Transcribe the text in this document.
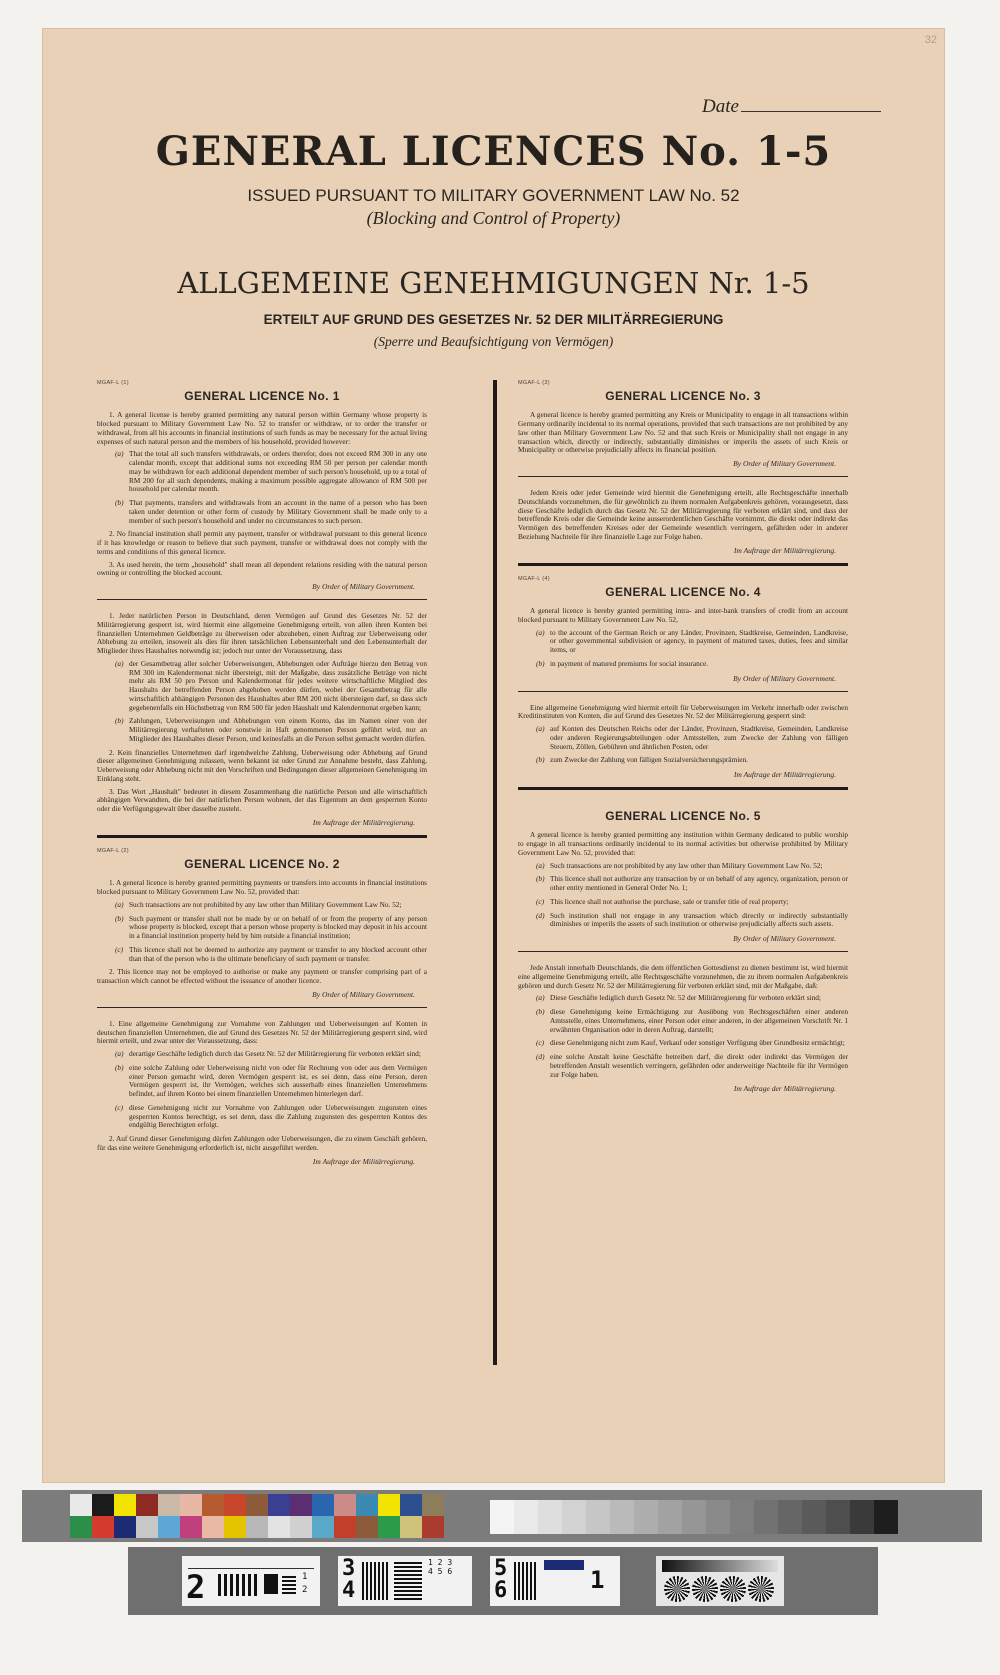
32
Date
GENERAL LICENCES No. 1-5
ISSUED PURSUANT TO MILITARY GOVERNMENT LAW No. 52
(Blocking and Control of Property)
ALLGEMEINE GENEHMIGUNGEN Nr. 1-5
ERTEILT AUF GRUND DES GESETZES Nr. 52 DER MILITÄRREGIERUNG
(Sperre und Beaufsichtigung von Vermögen)
MGAF-L (1)
GENERAL LICENCE No. 1

1. A general license is hereby granted permitting any natural person within Germany whose property is blocked pursuant to Military Government Law No. 52 to transfer or withdraw, or to order the transfer or withdrawal, from all his accounts in financial institutions of such funds as may be necessary for the actual living expenses of such natural person and the members of his household, provided however:

(a) That the total all such transfers withdrawals, or orders therefor, does not exceed RM 300 in any one calendar month, except that additional sums not exceeding RM 50 per person per calendar month may be withdrawn for each additional dependent member of such person's household, up to a total of RM 200 for all such dependents, making a maximum possible aggregate allowance of RM 500 per household per calendar month.
(b) That payments, transfers and withdrawals from an account in the name of a person who has been taken under detention or other form of custody by Military Government shall be made only to a member of such person's household and under no circumstances to such person.

2. No financial institution shall permit any payment, transfer or withdrawal pursuant to this general licence if it has knowledge or reason to believe that such payment, transfer or withdrawal does not comply with the terms and conditions of this general licence.

3. As used herein, the term „household" shall mean all dependent relations residing with the natural person owning or controlling the blocked account.

By Order of Military Government.

1. Jeder natürlichen Person in Deutschland, deren Vermögen auf Grund des Gesetzes Nr. 52 der Militärregierung gesperrt ist, wird hiermit eine allgemeine Genehmigung erteilt, von allen ihren Konten bei finanziellen Unternehmen Geldbeträge zu überweisen oder abzuheben, einen Auftrag zur Ueberweisung oder Abhebung zu erteilen, insoweit als dies für ihren tatsächlichen Lebensunterhalt und den Lebensunterhalt der Mitglieder ihres Haushaltes notwendig ist; jedoch nur unter der Voraussetzung, dass

(a) der Gesamtbetrag aller solcher Ueberweisungen, Abhebungen oder Aufträge hierzu den Betrag von RM 300 im Kalendermonat nicht übersteigt, mit der Maßgabe, dass zusätzliche Beträge von nicht mehr als RM 50 pro Person und Kalendermonat für jedes weitere wirtschaftliche Mitglied des Haushalts der betreffenden Person abgehoben werden dürfen, wobei der Gesamtbetrag für alle wirtschaftlich abhängigen Personen des Haushaltes aber RM 200 nicht übersteigen darf, so dass sich gegebenenfalls ein Höchstbetrag von RM 500 für jeden Haushalt und Kalendermonat ergeben kann;
(b) Zahlungen, Ueberweisungen und Abhebungen von einem Konto, das im Namen einer von der Militärregierung verhafteten oder sonstwie in Haft genommenen Person geführt wird, nur an Mitglieder des Haushaltes dieser Person, und keinesfalls an die Person selbst gemacht werden dürfen.

2. Kein finanzielles Unternehmen darf irgendwelche Zahlung, Ueberweisung oder Abhebung auf Grund dieser allgemeinen Genehmigung zulassen, wenn bekannt ist oder Grund zur Annahme besteht, dass Zahlung, Ueberweisung oder Abhebung nicht mit den Vorschriften und Bedingungen dieser allgemeinen Genehmigung im Einklang steht.

3. Das Wort „Haushalt" bedeutet in diesem Zusammenhang die natürliche Person und alle wirtschaftlich abhängigen Verwandten, die bei der natürlichen Person wohnen, der das Eigentum an dem gesperrten Konto oder die Verfügungsgewalt über dasselbe zusteht.

Im Auftrage der Militärregierung.
MGAF-L (2)
GENERAL LICENCE No. 2

1. A general licence is hereby granted permitting payments or transfers into accounts in financial institutions blocked pursuant to Military Government Law No. 52, provided that:

(a) Such transactions are not prohibited by any law other than Military Government Law No. 52;
(b) Such payment or transfer shall not be made by or on behalf of or from the property of any person whose property is blocked, except that a person whose property is blocked may deposit in his account in a financial institution property held by him outside a financial institution;
(c) This licence shall not be deemed to authorize any payment or transfer to any blocked account other than that of the person who is the ultimate beneficiary of such payment or transfer.

2. This licence may not be employed to authorise or make any payment or transfer comprising part of a transaction which cannot be effected without the issuance of another licence.

By Order of Military Government.

1. Eine allgemeine Genehmigung zur Vornahme von Zahlungen und Ueberweisungen auf Konten in deutschen finanziellen Unternehmen, die auf Grund des Gesetzes Nr. 52 der Militärregierung gesperrt sind, wird hiermit erteilt, und zwar unter der Voraussetzung, dass:

(a) derartige Geschäfte lediglich durch das Gesetz Nr. 52 der Militärregierung für verboten erklärt sind;
(b) eine solche Zahlung oder Ueberweisung nicht von oder für Rechnung von oder aus dem Vermögen einer Person gemacht wird, deren Vermögen gesperrt ist, es sei denn, dass eine Person, deren Vermögen gesperrt ist, ihr Vermögen, welches sich ausserhalb eines finanziellen Unternehmens befindet, auf ihrem Konto bei einem finanziellen Unternehmen hinterlegen darf.
(c) diese Genehmigung nicht zur Vornahme von Zahlungen oder Ueberweisungen zugunsten eines gesperrten Kontos berechtigt, es sei denn, dass die Zahlung zugunsten des gesperrten Kontos des endgültig Berechtigten erfolgt.

2. Auf Grund dieser Genehmigung dürfen Zahlungen oder Ueberweisungen, die zu einem Geschäft gehören, für das eine weitere Genehmigung erforderlich ist, nicht ausgeführt werden.

Im Auftrage der Militärregierung.
MGAF-L (3)
GENERAL LICENCE No. 3

A general licence is hereby granted permitting any Kreis or Municipality to engage in all transactions within Germany ordinarily incidental to its normal operations, provided that such transactions are not prohibited by any law other than Military Government Law No. 52 and that such Kreis or Municipality shall not engage in any transaction which, directly or indirectly, substantially diminishes or imperils the assets of such Kreis or Municipality or otherwise prejudicially affects its financial position.

By Order of Military Government.

Jedem Kreis oder jeder Gemeinde wird hiermit die Genehmigung erteilt, alle Rechtsgeschäfte innerhalb Deutschlands vorzunehmen, die für gewöhnlich zu ihrem normalen Aufgabenkreis gehören, vorausgesetzt, dass diese Geschäfte lediglich durch das Gesetz Nr. 52 der Militärregierung für verboten erklärt sind, und dass der betreffende Kreis oder die Gemeinde keine ausserordentlichen Geschäfte vornimmt, die direkt oder indirekt das Vermögen des betreffenden Kreises oder der Gemeinde wesentlich verringern, gefährden oder in anderer Beziehung Nachteile für ihre finanzielle Lage zur Folge haben.

Im Auftrage der Militärregierung.
MGAF-L (4)
GENERAL LICENCE No. 4

A general licence is hereby granted permitting intra- and inter-bank transfers of credit from an account blocked pursuant to Military Government Law No. 52,

(a) to the account of the German Reich or any Länder, Provinzen, Stadtkreise, Gemeinden, Landkreise, or other governmental subdivision or agency, in payment of matured taxes, duties, fees and similar items, or
(b) in payment of matured premiums for social insurance.
By Order of Military Government.

Eine allgemeine Genehmigung wird hiermit erteilt für Ueberweisungen im Verkehr innerhalb oder zwischen Kreditinstituten von Konten, die auf Grund des Gesetzes Nr. 52 der Militärregierung gesperrt sind:

(a) auf Konten des Deutschen Reichs oder der Länder, Provinzen, Stadtkreise, Gemeinden, Landkreise oder anderen Regierungsabteilungen oder Amtsstellen, zum Zwecke der Zahlung von fälligen Steuern, Zöllen, Gebühren und ähnlichen Posten, oder
(b) zum Zwecke der Zahlung von fälligen Sozialversicherungsprämien.
Im Auftrage der Militärregierung.
GENERAL LICENCE No. 5

A general licence is hereby granted permitting any institution within Germany dedicated to public worship to engage in all transactions ordinarily incidental to its normal activities but otherwise prohibited by Military Government Law No. 52, provided that:

(a) Such transactions are not prohibited by any law other than Military Government Law No. 52;
(b) This licence shall not authorize any transaction by or on behalf of any agency, organization, person or other entity mentioned in General Order No. 1;
(c) This licence shall not authorise the purchase, sale or transfer title of real property;
(d) Such institution shall not engage in any transaction which directly or indirectly substantially diminishes or imperils the assets of such institution or otherwise prejudicially affects such assets.
By Order of Military Government.

Jede Anstalt innerhalb Deutschlands, die dem öffentlichen Gottesdienst zu dienen bestimmt ist, wird hiermit eine allgemeine Genehmigung erteilt, alle Rechtsgeschäfte vorzunehmen, die zu ihrem normalen Aufgabenkreis gehören und durch Gesetz Nr. 52 der Militärregierung für verboten erklärt sind, mit der Maßgabe, daß:

(a) Diese Geschäfte lediglich durch Gesetz Nr. 52 der Militärregierung für verboten erklärt sind;
(b) diese Genehmigung keine Ermächtigung zur Ausübung von Rechtsgeschäften einer anderen Amtsstelle, eines Unternehmens, einer Person oder einer anderen, in der allgemeinen Vorschrift Nr. 1 erwähnten Organisation oder in deren Auftrag, darstellt;
(c) diese Genehmigung nicht zum Kauf, Verkauf oder sonstiger Verfügung über Grundbesitz ermächtigt;
(d) eine solche Anstalt keine Geschäfte betreiben darf, die direkt oder indirekt das Vermögen der betreffenden Anstalt wesentlich verringern, gefährden oder anderweitige Nachteile für ihr Vermögen zur Folge haben.
Im Auftrage der Militärregierung.
2	1
2
3
4
1 2 3
4 5 6 5
6	1
